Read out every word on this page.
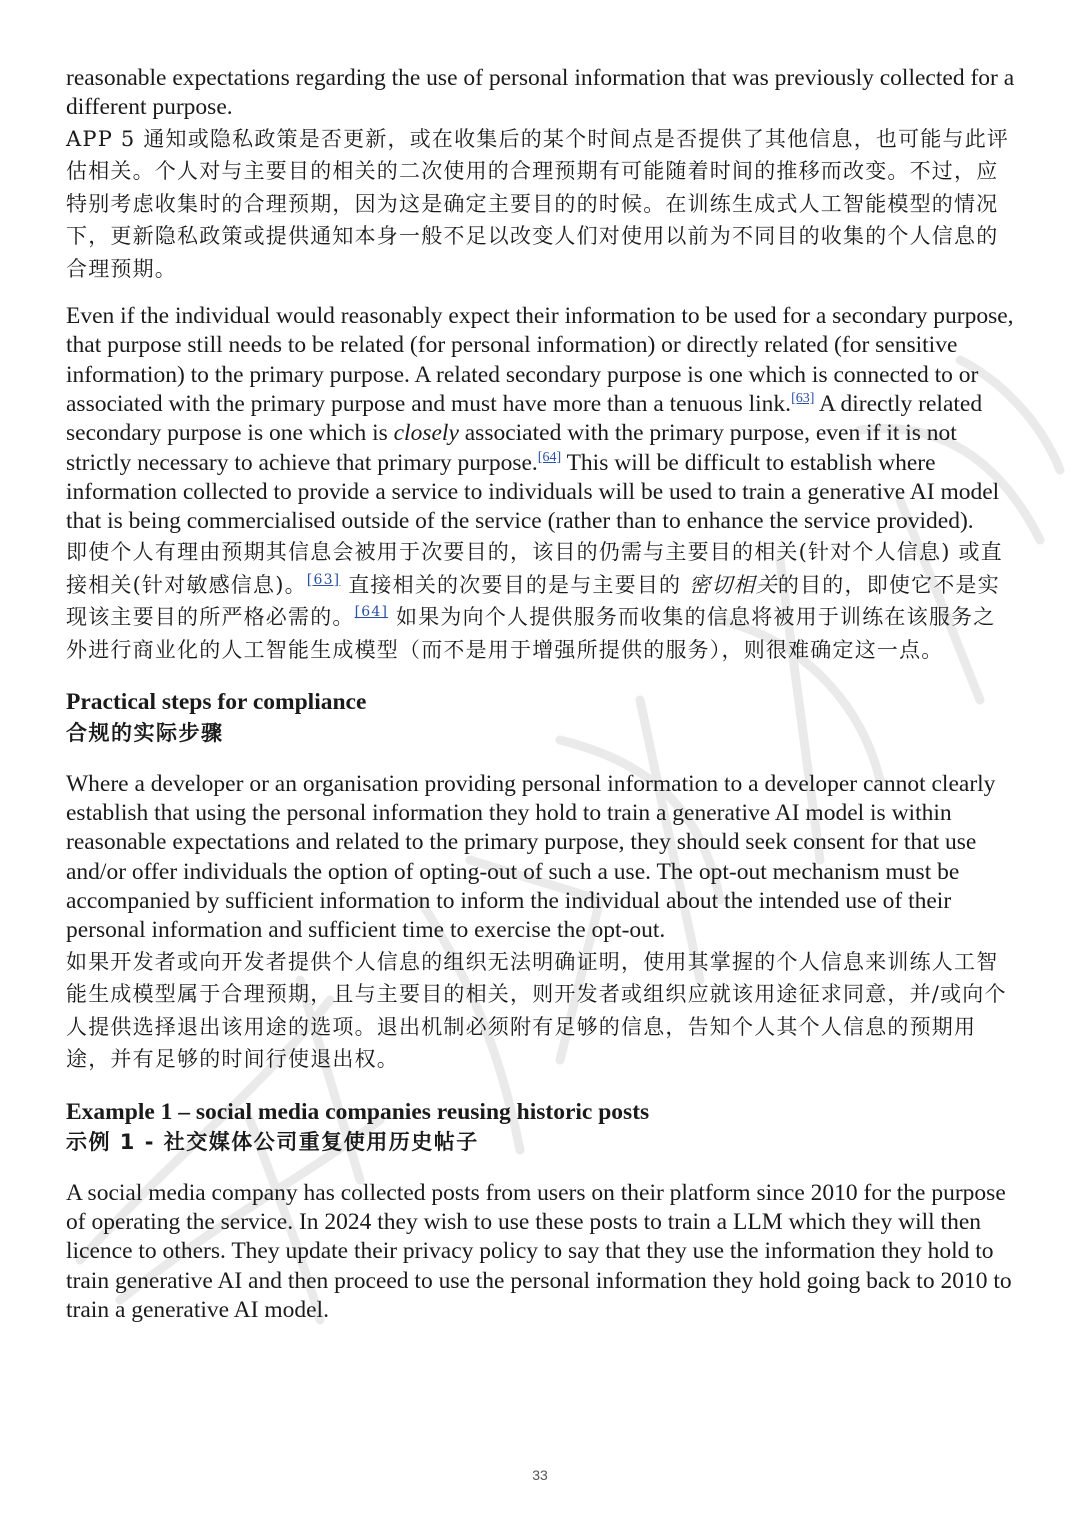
reasonable expectations regarding the use of personal information that was previously collected for a different purpose.

APP 5 通知或隐私政策是否更新，或在收集后的某个时间点是否提供了其他信息，也可能与此评估相关。个人对与主要目的相关的二次使用的合理预期有可能随着时间的推移而改变。不过，应特别考虑收集时的合理预期，因为这是确定主要目的的时候。在训练生成式人工智能模型的情况下，更新隐私政策或提供通知本身一般不足以改变人们对使用以前为不同目的收集的个人信息的合理预期。

Even if the individual would reasonably expect their information to be used for a secondary purpose, that purpose still needs to be related (for personal information) or directly related (for sensitive information) to the primary purpose. A related secondary purpose is one which is connected to or associated with the primary purpose and must have more than a tenuous link.[63] A directly related secondary purpose is one which is closely associated with the primary purpose, even if it is not strictly necessary to achieve that primary purpose.[64] This will be difficult to establish where information collected to provide a service to individuals will be used to train a generative AI model that is being commercialised outside of the service (rather than to enhance the service provided).

即使个人有理由预期其信息会被用于次要目的，该目的仍需与主要目的相关(针对个人信息) 或直接相关(针对敏感信息)。[63] 直接相关的次要目的是与主要目的 密切相关的目的，即使它不是实现该主要目的所严格必需的。[64] 如果为向个人提供服务而收集的信息将被用于训练在该服务之外进行商业化的人工智能生成模型（而不是用于增强所提供的服务），则很难确定这一点。

Practical steps for compliance
合规的实际步骤

Where a developer or an organisation providing personal information to a developer cannot clearly establish that using the personal information they hold to train a generative AI model is within reasonable expectations and related to the primary purpose, they should seek consent for that use and/or offer individuals the option of opting-out of such a use. The opt-out mechanism must be accompanied by sufficient information to inform the individual about the intended use of their personal information and sufficient time to exercise the opt-out.

如果开发者或向开发者提供个人信息的组织无法明确证明，使用其掌握的个人信息来训练人工智能生成模型属于合理预期，且与主要目的相关，则开发者或组织应就该用途征求同意，并/或向个人提供选择退出该用途的选项。退出机制必须附有足够的信息，告知个人其个人信息的预期用途，并有足够的时间行使退出权。

Example 1 – social media companies reusing historic posts
示例 1 - 社交媒体公司重复使用历史帖子

A social media company has collected posts from users on their platform since 2010 for the purpose of operating the service. In 2024 they wish to use these posts to train a LLM which they will then licence to others. They update their privacy policy to say that they use the information they hold to train generative AI and then proceed to use the personal information they hold going back to 2010 to train a generative AI model.

33
